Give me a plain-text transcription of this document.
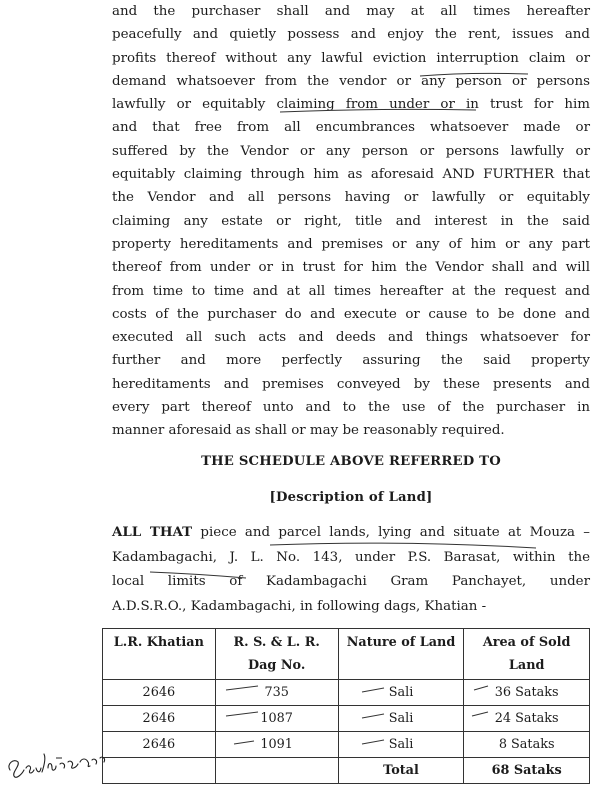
and the purchaser shall and may at all times hereafter
peacefully and quietly possess and enjoy the rent, issues and
profits thereof without any lawful eviction interruption claim or
demand whatsoever from the vendor or any person or persons
lawfully or equitably claiming from under or in trust for him
and that free from all encumbrances whatsoever made or
suffered by the Vendor or any person or persons lawfully or
equitably claiming through him as aforesaid AND FURTHER that
the Vendor and all persons having or lawfully or equitably
claiming any estate or right, title and interest in the said
property hereditaments and premises or any of him or any part
thereof from under or in trust for him the Vendor shall and will
from time to time and at all times hereafter at the request and
costs of the purchaser do and execute or cause to be done and
executed all such acts and deeds and things whatsoever for
further and more perfectly assuring the said property
hereditaments and premises conveyed by these presents and
every part thereof unto and to the use of the purchaser in
manner aforesaid as shall or may be reasonably required.
THE SCHEDULE ABOVE REFERRED TO
[Description of Land]
ALL THAT piece and parcel lands, lying and situate at Mouza –
Kadambagachi, J. L. No. 143, under P.S. Barasat, within the
local limits of Kadambagachi Gram Panchayet, under
A.D.S.R.O., Kadambagachi, in following dags, Khatian -
L.R. Khatian	R. S. & L. R. Dag No.	Nature of Land	Area of Sold Land
2646	735	Sali	36 Sataks
2646	1087	Sali	24 Sataks
2646	1091	Sali	8 Sataks
		Total	68 Sataks
